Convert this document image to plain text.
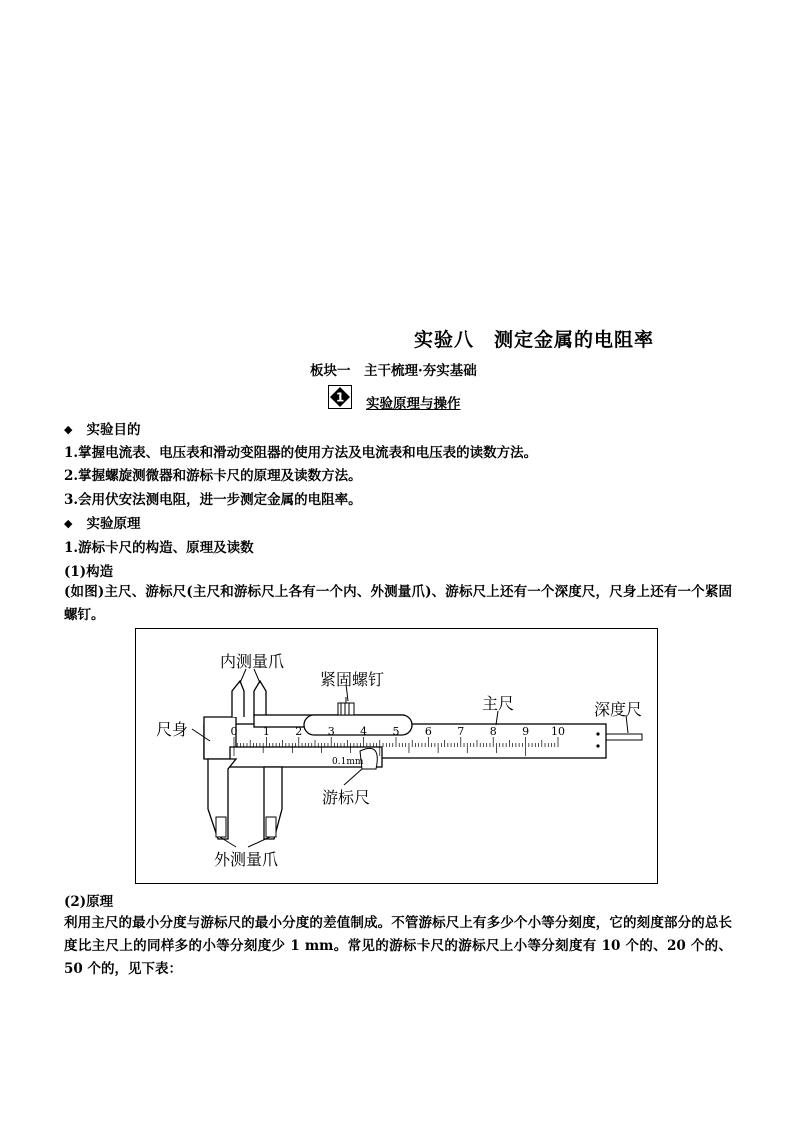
实验八　测定金属的电阻率
板块一　主干梳理·夯实基础
1 实验原理与操作
◆ 实验目的
1.掌握电流表、电压表和滑动变阻器的使用方法及电流表和电压表的读数方法。
2.掌握螺旋测微器和游标卡尺的原理及读数方法。
3.会用伏安法测电阻，进一步测定金属的电阻率。
◆ 实验原理
1.游标卡尺的构造、原理及读数
(1)构造
(如图)主尺、游标尺(主尺和游标尺上各有一个内、外测量爪)、游标尺上还有一个深度尺，尺身上还有一个紧固螺钉。
0 1 2 3 4 5 6 7 8 9 10
0.1mm
内测量爪
紧固螺钉
主尺	深度尺
尺身
游标尺
外测量爪
(2)原理
利用主尺的最小分度与游标尺的最小分度的差值制成。不管游标尺上有多少个小等分刻度，它的刻度部分的总长度比主尺上的同样多的小等分刻度少 1 mm。常见的游标卡尺的游标尺上小等分刻度有 10 个的、20 个的、50 个的，见下表：
